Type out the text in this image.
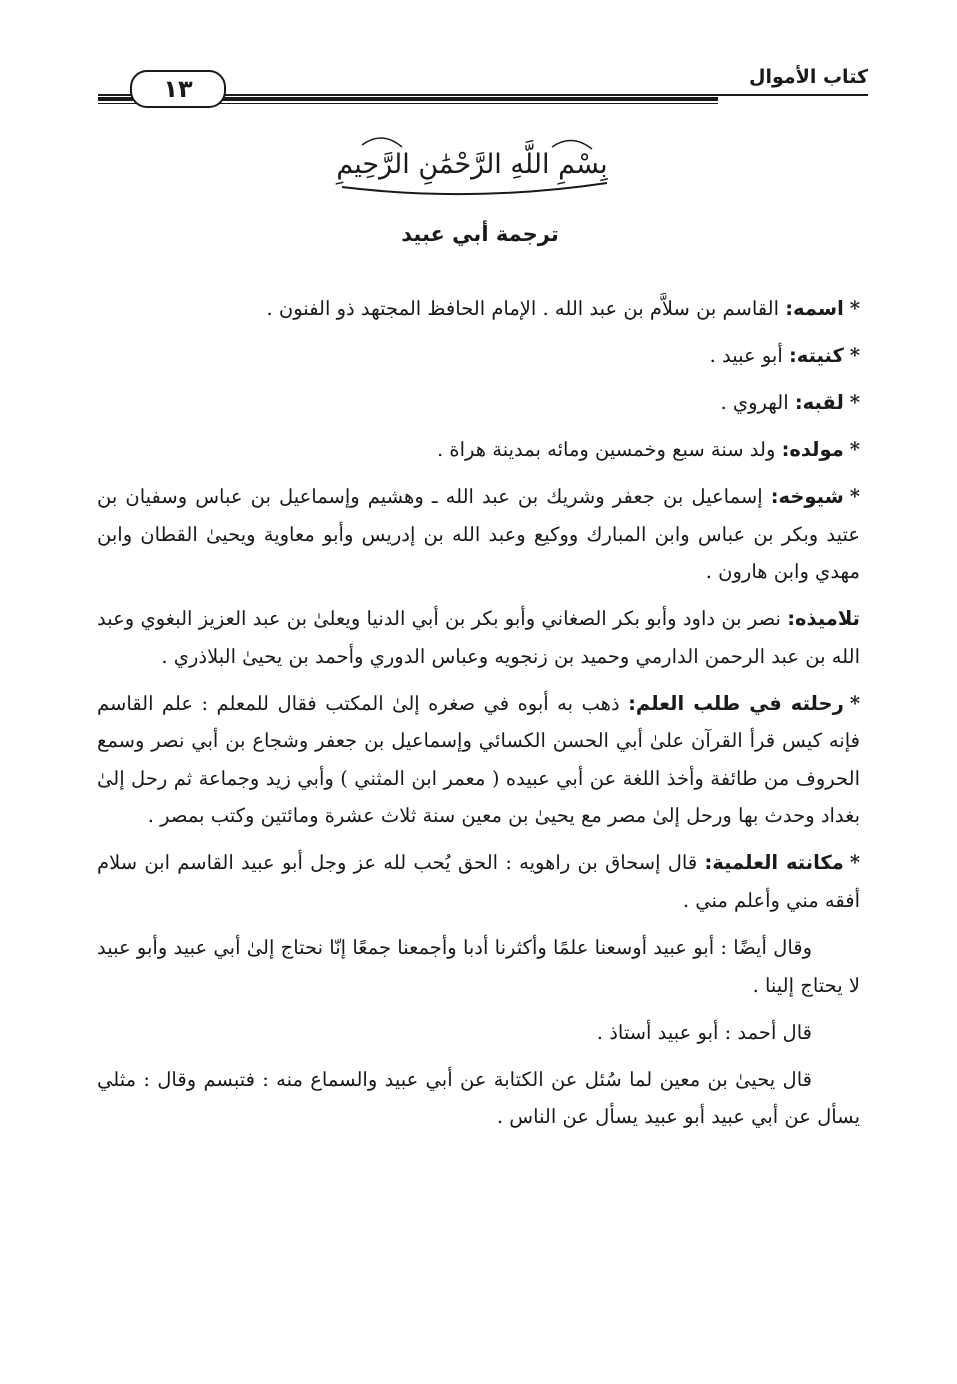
كتاب الأموال
١٣
بِسْمِ اللَّهِ الرَّحْمَٰنِ الرَّحِيمِ
ترجمة أبي عبيد

*اسمه: القاسم بن سلاَّم بن عبد الله . الإمام الحافظ المجتهد ذو الفنون .

*كنيته: أبو عبيد .

*لقبه: الهروي .

*مولده: ولد سنة سبع وخمسين ومائه بمدينة هراة .

*شيوخه: إسماعيل بن جعفر وشريك بن عبد الله ـ وهشيم وإسماعيل بن عباس وسفيان بن عتيد وبكر بن عباس وابن المبارك ووكيع وعبد الله بن إدريس وأبو معاوية ويحيىٰ القطان وابن مهدي وابن هارون .

تلاميذه: نصر بن داود وأبو بكر الصغاني وأبو بكر بن أبي الدنيا ويعلىٰ بن عبد العزيز البغوي وعبد الله بن عبد الرحمن الدارمي وحميد بن زنجويه وعباس الدوري وأحمد بن يحيىٰ البلاذري .

*رحلته في طلب العلم: ذهب به أبوه في صغره إلىٰ المكتب فقال للمعلم : علم القاسم فإنه كيس قرأ القرآن علىٰ أبي الحسن الكسائي وإسماعيل بن جعفر وشجاع بن أبي نصر وسمع الحروف من طائفة وأخذ اللغة عن أبي عبيده ( معمر ابن المثني ) وأبي زيد وجماعة ثم رحل إلىٰ بغداد وحدث بها ورحل إلىٰ مصر مع يحيىٰ بن معين سنة ثلاث عشرة ومائتين وكتب بمصر .

*مكانته العلمية: قال إسحاق بن راهويه : الحق يُحب لله عز وجل أبو عبيد القاسم ابن سلام أفقه مني وأعلم مني .

وقال أيضًا : أبو عبيد أوسعنا علمًا وأكثرنا أدبا وأجمعنا جمعًا إنّا نحتاج إلىٰ أبي عبيد وأبو عبيد لا يحتاج إلينا .

قال أحمد : أبو عبيد أستاذ .

قال يحيىٰ بن معين لما سُئل عن الكتابة عن أبي عبيد والسماع منه : فتبسم وقال : مثلي يسأل عن أبي عبيد أبو عبيد يسأل عن الناس .
